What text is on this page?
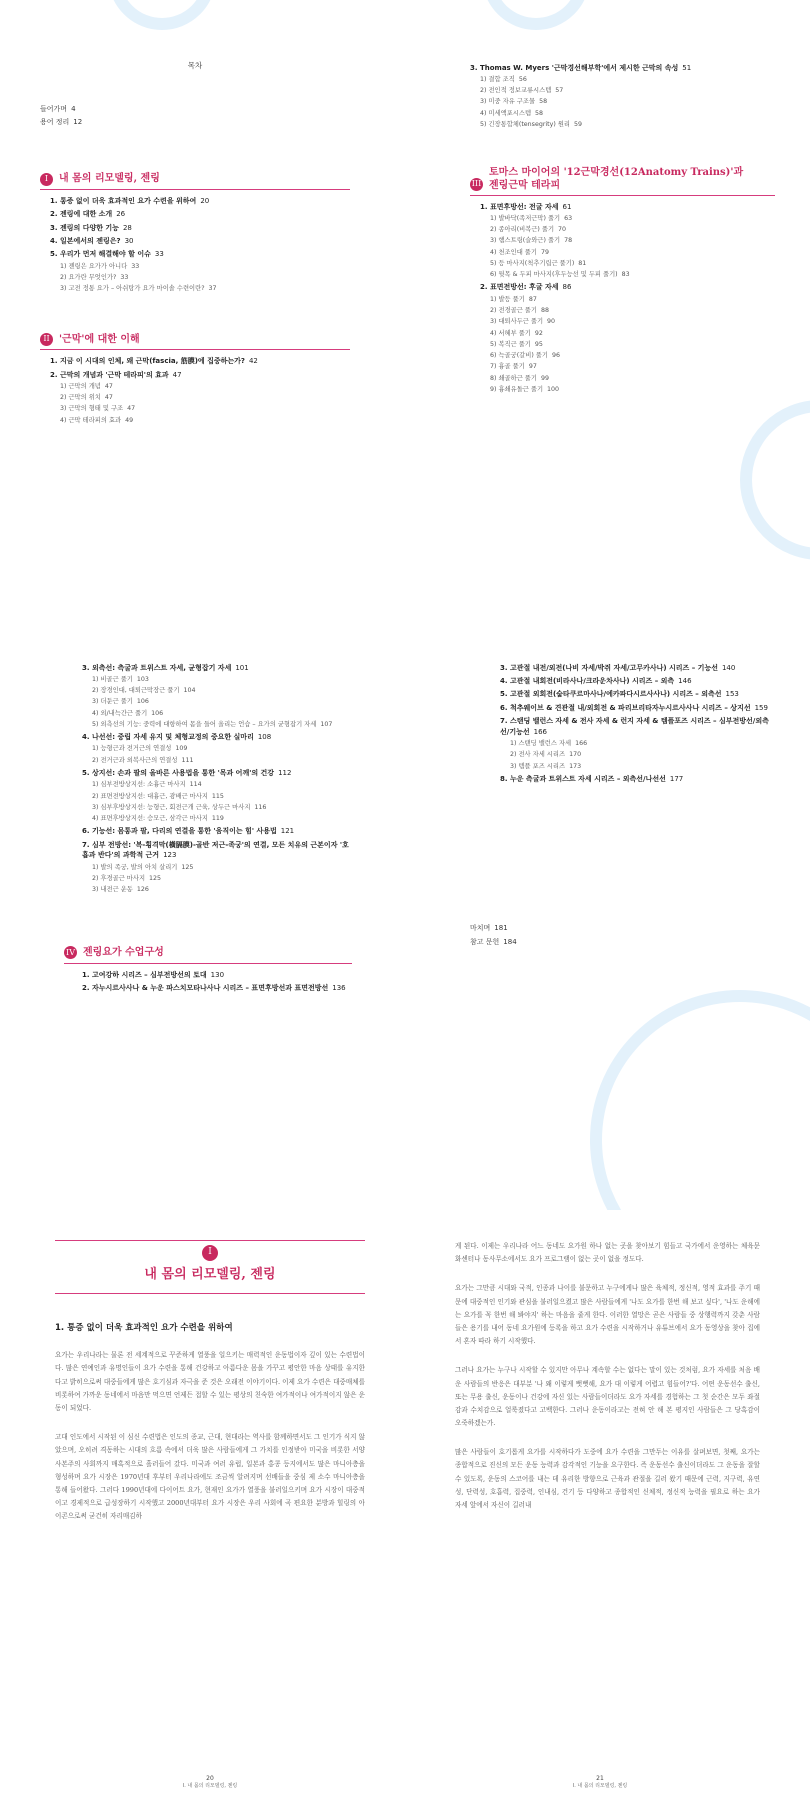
목차
들어가며 4
용어 정리 12
I	내 몸의 리모델링, 젠링
1. 통증 없이 더욱 효과적인 요가 수련을 위하여 20
2. 젠링에 대한 소개 26
3. 젠링의 다양한 기능 28
4. 일본에서의 젠링은? 30
5. 우리가 먼저 해결해야 할 이슈 33
1) 젠링은 요가가 아니다 33
2) 요가란 무엇인가? 33
3) 고전 정통 요가 – 아쉬탕가 요가 마이솔 수련이란? 37
II '근막'에 대한 이해
1. 지금 이 시대의 인체, 왜 근막(fascia, 筋膜)에 집중하는가? 42
2. 근막의 개념과 '근막 테라피'의 효과 47
1) 근막의 개념 47
2) 근막의 위치 47
3) 근막의 형태 및 구조 47
4) 근막 테라피의 효과 49
3. Thomas W. Myers '근막경선해부학'에서 제시한 근막의 속성 51
1) 결합 조직 56
2) 전인적 정보교류시스템 57
3) 미중 자유 구조물 58
4) 미세액포시스템 58
5) 긴장통합체(tensegrity) 원리 59
III
토마스 마이어의 '12근막경선(12Anatomy Trains)'과
젠링근막 테라피
1. 표면후방선: 전굴 자세 61
1) 발바닥(족저근막) 풀기 63
2) 종아리(비복근) 풀기 70
3) 햄스트링(슬와근) 풀기 78
4) 천조인대 풀기 79
5) 등 마사지(척추기립근 풀기) 81
6) 뒷목 & 두피 마사지(후두능선 및 두피 풀기) 83
2. 표면전방선: 후굴 자세 86
1) 발등 풀기 87
2) 전경골근 풀기 88
3) 대퇴사두근 풀기 90
4) 서혜부 풀기 92
5) 복직근 풀기 95
6) 늑골궁(갈비) 풀기 96
7) 흉골 풀기 97
8) 쇄골하근 풀기 99
9) 흉쇄유돌근 풀기 100
3. 외측선: 측굴과 트위스트 자세, 균형잡기 자세 101
1) 비골근 풀기 103
2) 장경인대, 대퇴근막장근 풀기 104
3) 더둔근 풀기 106
4) 외/내늑간근 풀기 106
5) 외측선의 기능: 중력에 대항하여 몸을 들어 올리는 언습 – 요가의 균형잡기 자세 107
4. 나선선: 중립 자세 유지 및 체형교정의 중요한 실마리 108
1) 능형근과 전거근의 연결성 109
2) 전거근과 외복사근의 연결성 111
5. 상지선: 손과 팔의 올바른 사용법을 통한 '목과 어깨'의 건강 112
1) 심부전방상지선: 소흉근 마사지 114
2) 표면전방상지선: 대흉근, 광배근 마사지 115
3) 심부후방상지선: 능형근, 회전근개 근육, 상두근 마사지 116
4) 표면후방상지선: 승모근, 삼각근 마사지 119
6. 기능선: 몸통과 팔, 다리의 연결을 통한 '움직이는 힘' 사용법 121
7. 심부 전방선: '복-횡격막(橫膈膜)-골반 저근-족궁'의 연결, 모든 치유의 근본이자 '호흡과 반다'의 과학적 근거 123
1) 발의 족궁, 발의 아치 살리기 125
2) 후경골근 마사지 125
3) 내전근 운동 126
IV 젠링요가 수업구성
1. 고여강하 시리즈 – 심부전방선의 토대 130
2. 자누시르사사나 & 누운 파스치모타나사나 시리즈 – 표면후방선과 표면전방선 136
3. 고관절 내전/외전(나비 자세/박쥐 자세/고무카사나) 시리즈 – 기능선 140
4. 고관절 내회전(비라사나/크라운차사나) 시리즈 – 외측 146
5. 고관절 외회전(숩타쿠르마사나/에카파다시르사사나) 시리즈 – 외측선 153
6. 척추웨이브 & 견관절 내/외회전 & 파리브리타자누시르사사나 시리즈 – 상지선 159
7. 스탠딩 밸런스 자세 & 전사 자세 & 런지 자세 & 템플포즈 시리즈 – 심부전방선/외측선/기능선 166
1) 스탠딩 밸런스 자세 166
2) 전사 자세 시리즈 170
3) 템플 포즈 시리즈 173
8. 누운 측굴과 트위스트 자세 시리즈 – 외측선/나선선 177
마치며 181
참고 문헌 184
I
내 몸의 리모델링, 젠링
1. 통증 없이 더욱 효과적인 요가 수련을 위하여

요가는 우리나라는 물론 전 세계적으로 꾸준하게 열풍을 일으키는 매력적인 운동법이자 깊이 있는 수련법이다. 많은 연예인과 유명인들이 요가 수련을 통해 건강하고 아름다운 몸을 가꾸고 평안한 마음 상태를 유지한다고 밝히으로써 대중들에게 많은 호기심과 자극을 준 것은 오래전 이야기이다. 이제 요가 수련은 대중매체를 비롯하여 가까운 동네에서 마음만 먹으면 언제든 접할 수 있는 평상의 친숙한 여가적이나 여가적이지 않은 운동이 되었다.

고대 인도에서 시작된 이 심신 수련법은 인도의 종교, 근대, 현대라는 역사를 함께하면서도 그 인기가 식지 않았으며, 오히려 격동하는 시대의 흐름 속에서 더욱 많은 사람들에게 그 가치를 인정받아 미국을 비롯한 서양 사본주의 사회까지 매혹적으로 흘러들어 갔다. 미국과 여러 유럽, 일본과 홍콩 등지에서도 많은 마니아층을 형성하며 요가 시장은 1970년대 후부터 우리나라에도 조금씩 알려지며 선배들을 중심 제 소수 마니아층을 통해 들어왔다. 그러다 1990년대에 다이어트 요가, 현재인 요가가 열풍을 불러일으키며 요가 시장이 대중적이고 경제적으로 급성장하기 시작했고 2000년대부터 요가 시장은 우리 사회에 곡 편요한 분방과 힐링의 아이콘으로써 굳건히 자리매김하

20
I. 내 몸의 리모델링, 젠링

게 된다. 이제는 우리나라 어느 동네도 요가원 하나 없는 곳을 찾아보기 힘들고 국가에서 운영하는 체육문화센터나 동사무소에서도 요가 프로그램이 없는 곳이 없을 정도다.

요가는 그만큼 시대와 국적, 인종과 나이를 불문하고 누구에게나 많은 육체적, 정신적, 영적 효과를 주기 때문에 대중적인 인기와 관심을 불러일으켰고 많은 사람들에게 '나도 요가를 한번 해 보고 싶다', '나도 운해에는 요가를 꼭 한번 해 봐야지' 하는 마음을 줄게 한다. 이러한 열망은 곧은 사람들 중 상행력까지 갖춘 사람들은 용기를 내어 동네 요가원에 등록을 하고 요가 수련을 시작하거나 유튜브에서 요가 동영상을 찾아 집에서 혼자 따라 하기 시작했다.

그러나 요가는 누구나 시작할 수 있지만 아무나 계속할 수는 없다는 말이 있는 것처럼, 요가 자세를 처음 배운 사람들의 반응은 대부분 '나 왜 이렇게 뻣뻣해, 요가 대 이렇게 어렵고 힘들어?'다. 어떤 운동선수 출신, 또는 무용 출신, 운동이나 건강에 자신 있는 사람들이더라도 요가 자세를 경험하는 그 첫 순간은 모두 좌절감과 수치감으로 얼룩졌다고 고백한다. 그러나 운동이라고는 전혀 안 해 본 평지인 사람들은 그 당혹감이 오죽하겠는가.

많은 사람들이 호기롭게 요가를 시작하다가 도중에 요가 수련을 그만두는 이유를 살펴보면, 첫째, 요가는 종합적으로 진신의 모든 운동 능력과 감각적인 기능을 요구한다. 즉 운동선수 출신이더라도 그 운동을 잘할 수 있도록, 운동의 스코어를 내는 데 유리한 방향으로 근육과 관절을 길러 왔기 때문에 근력, 지구력, 유연성, 단력성, 호흡력, 집중력, 인내심, 건기 등 다양하고 종합적인 신체적, 정신적 능력을 필요로 하는 요가 자세 앞에서 자신이 길러내

21
I. 내 몸의 리모델링, 젠링
